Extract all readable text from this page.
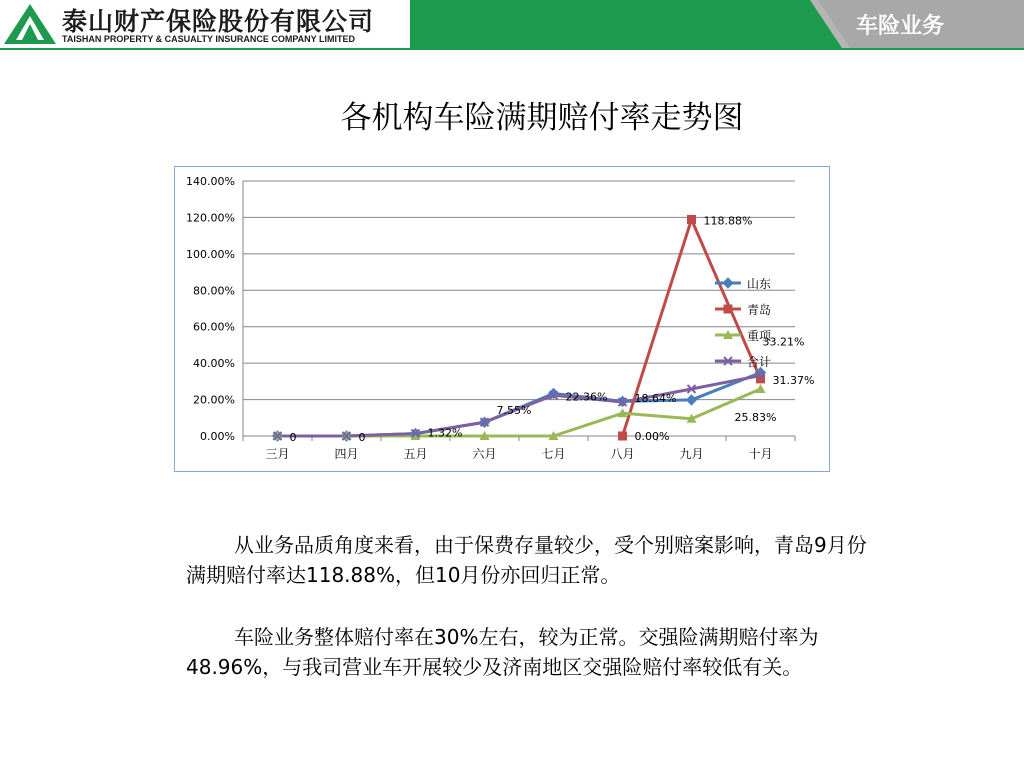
泰山财产保险股份有限公司
TAISHAN PROPERTY & CASUALTY INSURANCE COMPANY LIMITED	车险业务
各机构车险满期赔付率走势图
0.00%
20.00%
40.00%
60.00%
80.00%
100.00%
120.00%
140.00%
三月	四月	五月	六月	七月	八月	九月	十月
0	0	1.32%
7.55%
22.36%
0.00%
18.64%
118.88%
33.21%
31.37%
25.83%
山东
青岛
重项
合计
从业务品质角度来看，由于保费存量较少，受个别赔案影响，青岛9月份满期赔付率达118.88%，但10月份亦回归正常。
车险业务整体赔付率在30%左右，较为正常。交强险满期赔付率为48.96%，与我司营业车开展较少及济南地区交强险赔付率较低有关。
